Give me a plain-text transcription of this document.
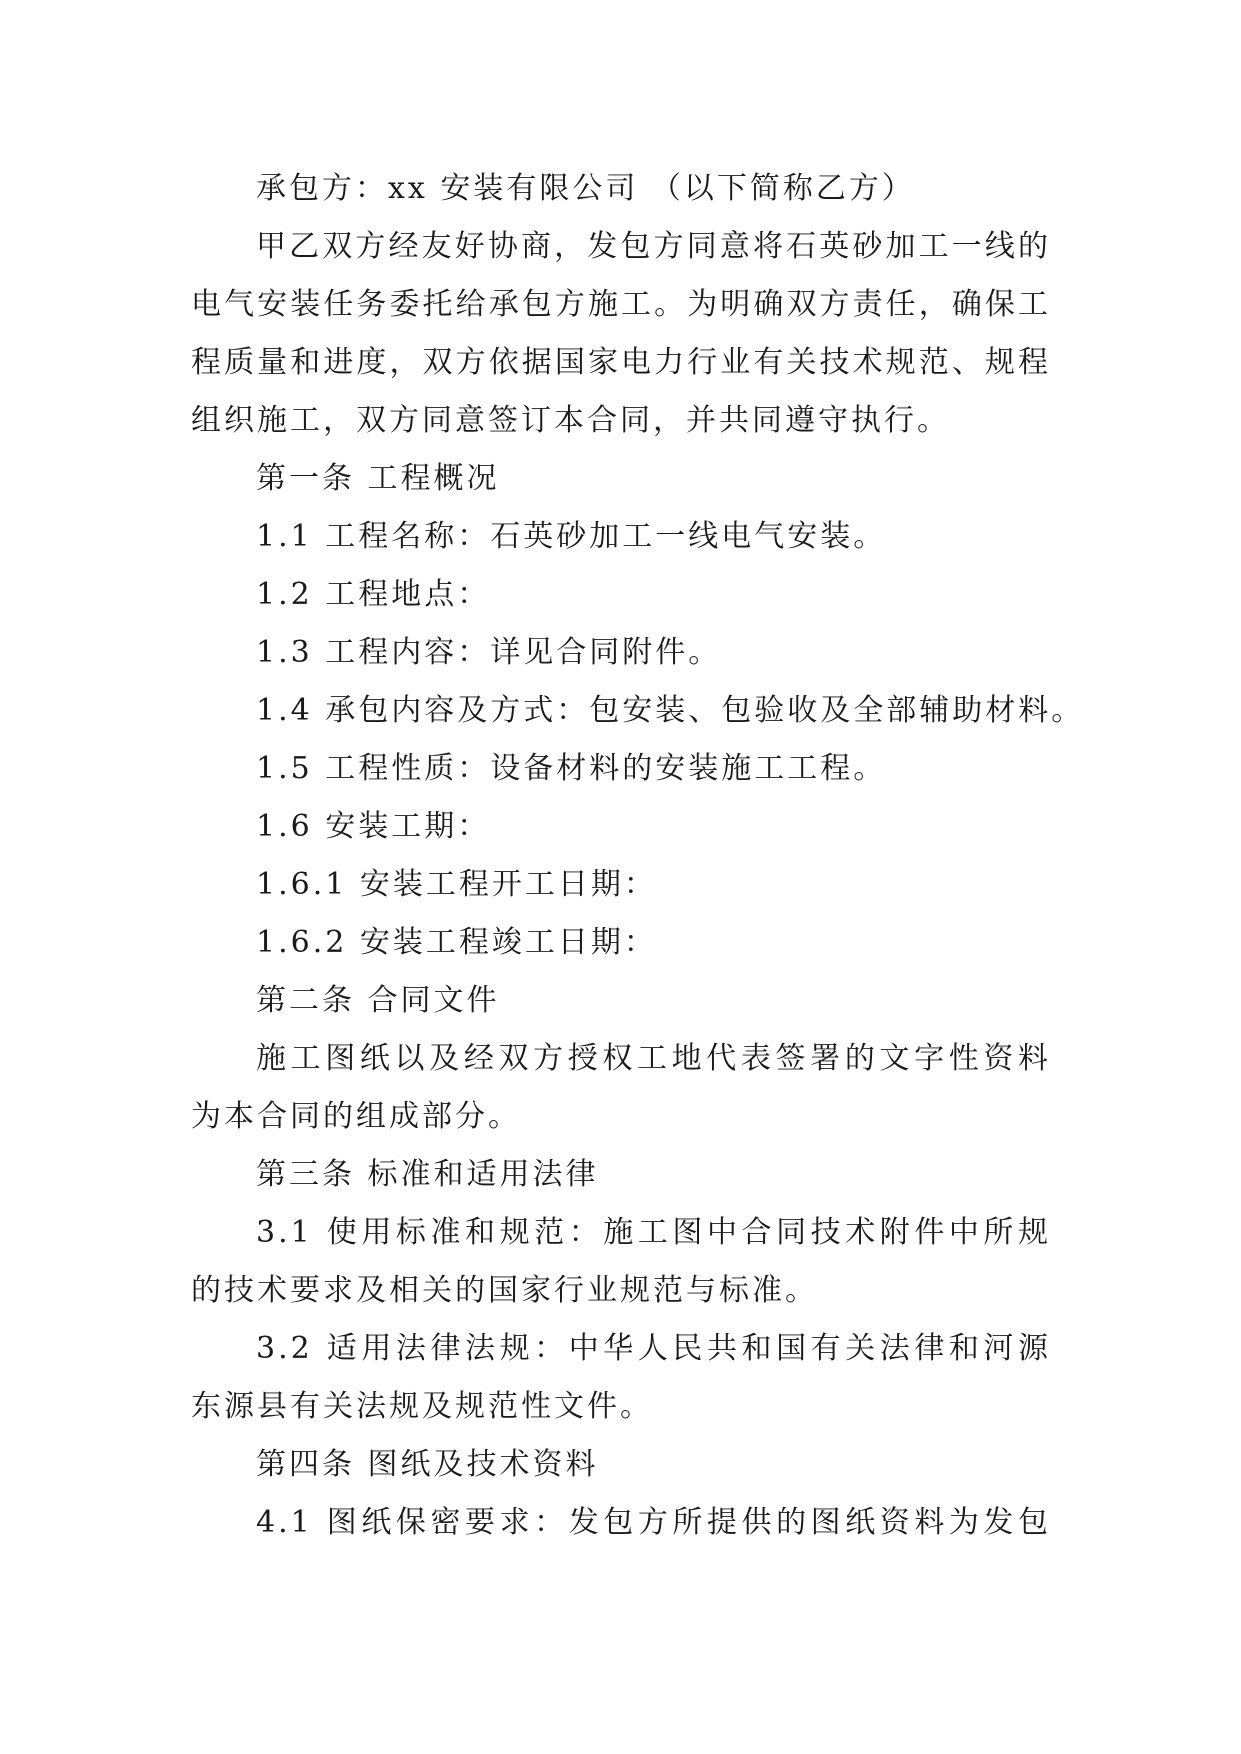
承包方：xx 安装有限公司 （以下简称乙方）
甲乙双方经友好协商，发包方同意将石英砂加工一线的
电气安装任务委托给承包方施工。为明确双方责任，确保工
程质量和进度，双方依据国家电力行业有关技术规范、规程
组织施工，双方同意签订本合同，并共同遵守执行。
第一条 工程概况
1.1 工程名称：石英砂加工一线电气安装。
1.2 工程地点：
1.3 工程内容：详见合同附件。
1.4 承包内容及方式：包安装、包验收及全部辅助材料。
1.5 工程性质：设备材料的安装施工工程。
1.6 安装工期：
1.6.1 安装工程开工日期：
1.6.2 安装工程竣工日期：
第二条 合同文件
施工图纸以及经双方授权工地代表签署的文字性资料
为本合同的组成部分。
第三条 标准和适用法律
3.1 使用标准和规范：施工图中合同技术附件中所规
的技术要求及相关的国家行业规范与标准。
3.2 适用法律法规：中华人民共和国有关法律和河源
东源县有关法规及规范性文件。
第四条 图纸及技术资料
4.1 图纸保密要求：发包方所提供的图纸资料为发包
